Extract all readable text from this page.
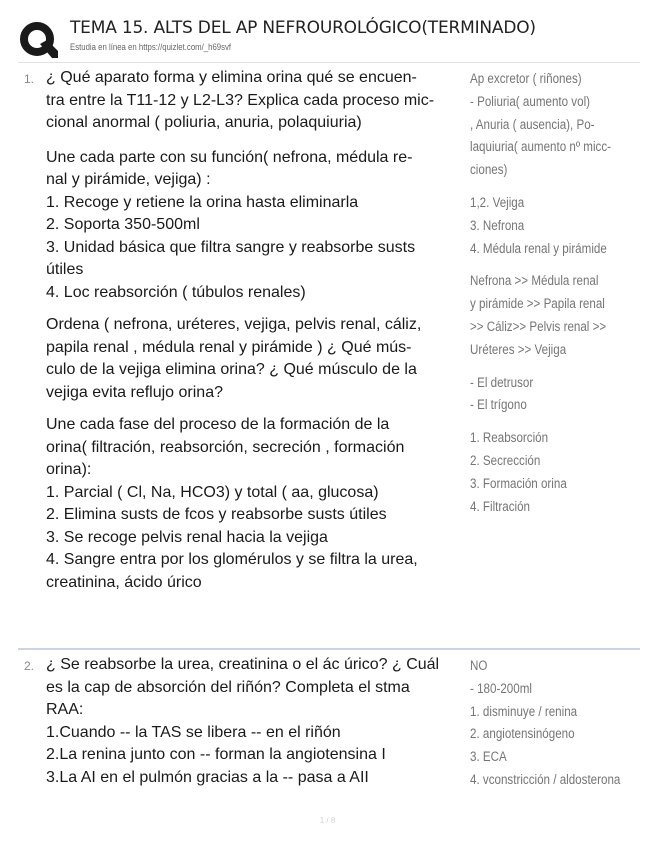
TEMA 15. ALTS DEL AP NEFROUROLÓGICO(TERMINADO)
Estudia en línea en https://quizlet.com/_h69svf
1. ¿ Qué aparato forma y elimina orina qué se encuen-

tra entre la T11-12 y L2-L3? Explica cada proceso mic-

cional anormal ( poliuria, anuria, polaquiuria)

Une cada parte con su función( nefrona, médula re-

nal y pirámide, vejiga) :

1. Recoge y retiene la orina hasta eliminarla

2. Soporta 350-500ml

3. Unidad básica que filtra sangre y reabsorbe susts

útiles

4. Loc reabsorción ( túbulos renales)

Ordena ( nefrona, uréteres, vejiga, pelvis renal, cáliz,

papila renal , médula renal y pirámide ) ¿ Qué mús-

culo de la vejiga elimina orina? ¿ Qué músculo de la

vejiga evita reflujo orina?

Une cada fase del proceso de la formación de la

orina( filtración, reabsorción, secreción , formación

orina):

1. Parcial ( Cl, Na, HCO3) y total ( aa, glucosa)

2. Elimina susts de fcos y reabsorbe susts útiles

3. Se recoge pelvis renal hacia la vejiga

4. Sangre entra por los glomérulos y se filtra la urea,

creatinina, ácido úrico

Ap excretor ( riñones)

- Poliuria( aumento vol)

, Anuria ( ausencia), Po-

laquiuria( aumento nº micc-

ciones)

1,2. Vejiga

3. Nefrona

4. Médula renal y pirámide

Nefrona >> Médula renal

y pirámide >> Papila renal

>> Cáliz>> Pelvis renal >>

Uréteres >> Vejiga

- El detrusor

- El trígono

1. Reabsorción

2. Secrección

3. Formación orina

4. Filtración

2. ¿ Se reabsorbe la urea, creatinina o el ác úrico? ¿ Cuál

es la cap de absorción del riñón? Completa el stma

RAA:

1.Cuando -- la TAS se libera -- en el riñón

2.La renina junto con -- forman la angiotensina I

3.La AI en el pulmón gracias a la -- pasa a AII

NO

- 180-200ml

1. disminuye / renina

2. angiotensinógeno

3. ECA

4. vconstricción / aldosterona

1 / 8
